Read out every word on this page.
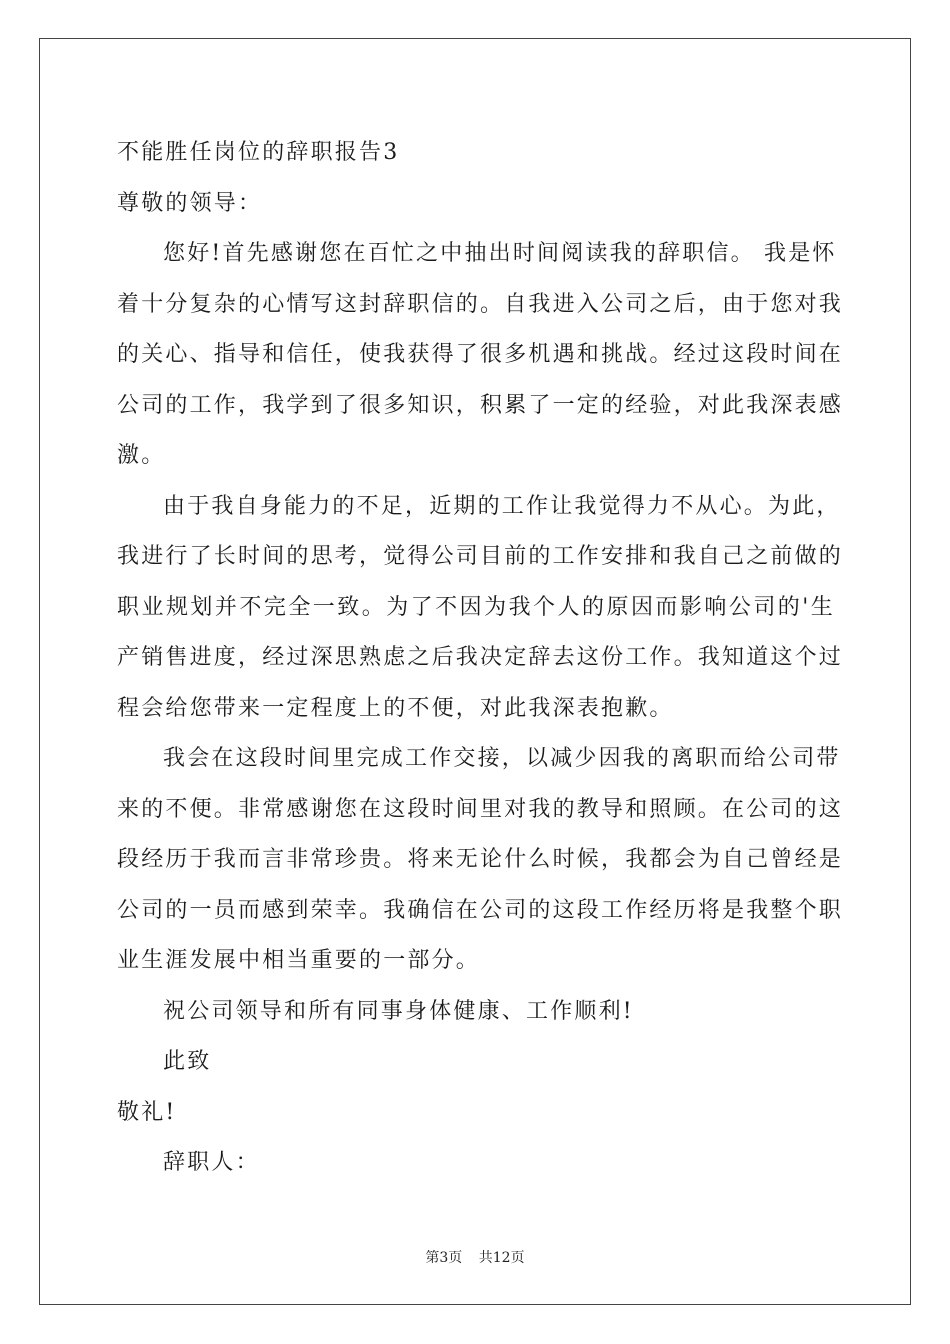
不能胜任岗位的辞职报告3
尊敬的领导：
您好!首先感谢您在百忙之中抽出时间阅读我的辞职信。 我是怀
着十分复杂的心情写这封辞职信的。自我进入公司之后，由于您对我
的关心、指导和信任，使我获得了很多机遇和挑战。经过这段时间在
公司的工作，我学到了很多知识，积累了一定的经验，对此我深表感
激。
由于我自身能力的不足，近期的工作让我觉得力不从心。为此，
我进行了长时间的思考，觉得公司目前的工作安排和我自己之前做的
职业规划并不完全一致。为了不因为我个人的原因而影响公司的'生
产销售进度，经过深思熟虑之后我决定辞去这份工作。我知道这个过
程会给您带来一定程度上的不便，对此我深表抱歉。
我会在这段时间里完成工作交接，以减少因我的离职而给公司带
来的不便。非常感谢您在这段时间里对我的教导和照顾。在公司的这
段经历于我而言非常珍贵。将来无论什么时候，我都会为自己曾经是
公司的一员而感到荣幸。我确信在公司的这段工作经历将是我整个职
业生涯发展中相当重要的一部分。
祝公司领导和所有同事身体健康、工作顺利!
此致
敬礼!
辞职人：
第3页 共12页
